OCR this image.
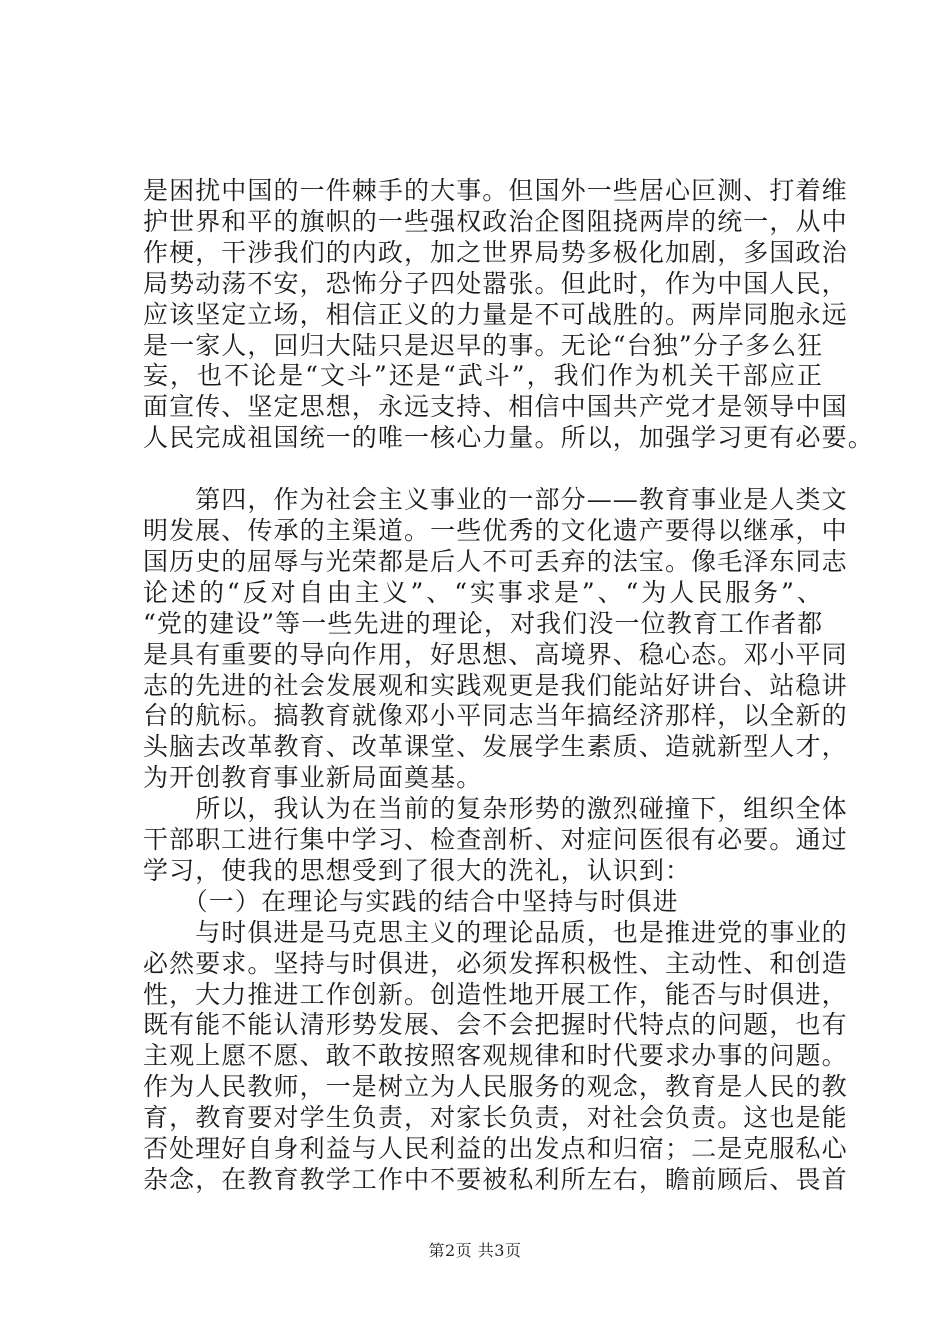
是困扰中国的一件棘手的大事。但国外一些居心叵测、打着维
护世界和平的旗帜的一些强权政治企图阻挠两岸的统一，从中
作梗，干涉我们的内政，加之世界局势多极化加剧，多国政治
局势动荡不安，恐怖分子四处嚣张。但此时，作为中国人民，
应该坚定立场，相信正义的力量是不可战胜的。两岸同胞永远
是一家人，回归大陆只是迟早的事。无论“台独”分子多么狂
妄，也不论是“文斗”还是“武斗”，我们作为机关干部应正
面宣传、坚定思想，永远支持、相信中国共产党才是领导中国
人民完成祖国统一的唯一核心力量。所以，加强学习更有必要。
　　第四，作为社会主义事业的一部分——教育事业是人类文
明发展、传承的主渠道。一些优秀的文化遗产要得以继承，中
国历史的屈辱与光荣都是后人不可丢弃的法宝。像毛泽东同志
论述的“反对自由主义”、“实事求是”、“为人民服务”、
“党的建设”等一些先进的理论，对我们没一位教育工作者都
是具有重要的导向作用，好思想、高境界、稳心态。邓小平同
志的先进的社会发展观和实践观更是我们能站好讲台、站稳讲
台的航标。搞教育就像邓小平同志当年搞经济那样，以全新的
头脑去改革教育、改革课堂、发展学生素质、造就新型人才，
为开创教育事业新局面奠基。
　　所以，我认为在当前的复杂形势的激烈碰撞下，组织全体
干部职工进行集中学习、检查剖析、对症问医很有必要。通过
学习，使我的思想受到了很大的洗礼，认识到：
　　（一）在理论与实践的结合中坚持与时俱进
　　与时俱进是马克思主义的理论品质，也是推进党的事业的
必然要求。坚持与时俱进，必须发挥积极性、主动性、和创造
性，大力推进工作创新。创造性地开展工作，能否与时俱进，
既有能不能认清形势发展、会不会把握时代特点的问题，也有
主观上愿不愿、敢不敢按照客观规律和时代要求办事的问题。
作为人民教师，一是树立为人民服务的观念，教育是人民的教
育，教育要对学生负责，对家长负责，对社会负责。这也是能
否处理好自身利益与人民利益的出发点和归宿；二是克服私心
杂念，在教育教学工作中不要被私利所左右，瞻前顾后、畏首
第2页 共3页
